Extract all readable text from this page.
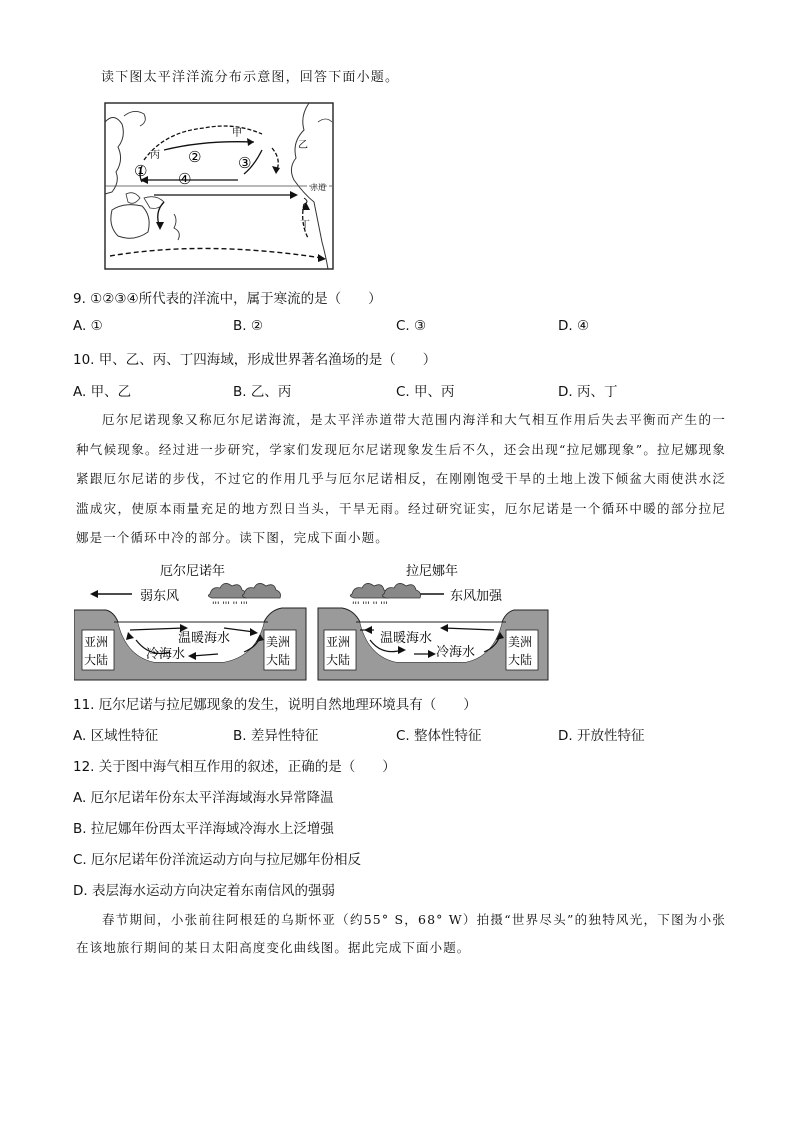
读下图太平洋洋流分布示意图，回答下面小题。
甲
乙
丙
丁
①
② ③
④	赤道
9. ①②③④所代表的洋流中，属于寒流的是（　　）
A. ①	B. ②	C. ③	D. ④
10. 甲、乙、丙、丁四海域，形成世界著名渔场的是（　　）
A. 甲、乙	B. 乙、丙	C. 甲、丙	D. 丙、丁
厄尔尼诺现象又称厄尔尼诺海流，是太平洋赤道带大范围内海洋和大气相互作用后失去平衡而产生的一种气候现象。经过进一步研究，学家们发现厄尔尼诺现象发生后不久，还会出现“拉尼娜现象”。拉尼娜现象紧跟厄尔尼诺的步伐，不过它的作用几乎与厄尔尼诺相反，在刚刚饱受干旱的土地上泼下倾盆大雨使洪水泛滥成灾，使原本雨量充足的地方烈日当头，干旱无雨。经过研究证实，厄尔尼诺是一个循环中暖的部分拉尼娜是一个循环中冷的部分。读下图，完成下面小题。
厄尔尼诺年
弱东风
ꞌꞌꞌ ꞌꞌꞌ ꞌꞌ ꞌꞌꞌ
亚洲
大陆
美洲
大陆
温暖海水
冷海水
拉尼娜年
东风加强
ꞌꞌꞌ ꞌꞌꞌ ꞌꞌ ꞌꞌꞌ
亚洲
大陆
美洲
大陆
温暖海水
冷海水
11. 厄尔尼诺与拉尼娜现象的发生，说明自然地理环境具有（　　）
A. 区域性特征	B. 差异性特征	C. 整体性特征	D. 开放性特征
12. 关于图中海气相互作用的叙述，正确的是（　　）
A. 厄尔尼诺年份东太平洋海域海水异常降温
B. 拉尼娜年份西太平洋海域冷海水上泛增强
C. 厄尔尼诺年份洋流运动方向与拉尼娜年份相反
D. 表层海水运动方向决定着东南信风的强弱
春节期间，小张前往阿根廷的乌斯怀亚（约55° S，68° W）拍摄“世界尽头”的独特风光，下图为小张在该地旅行期间的某日太阳高度变化曲线图。据此完成下面小题。
